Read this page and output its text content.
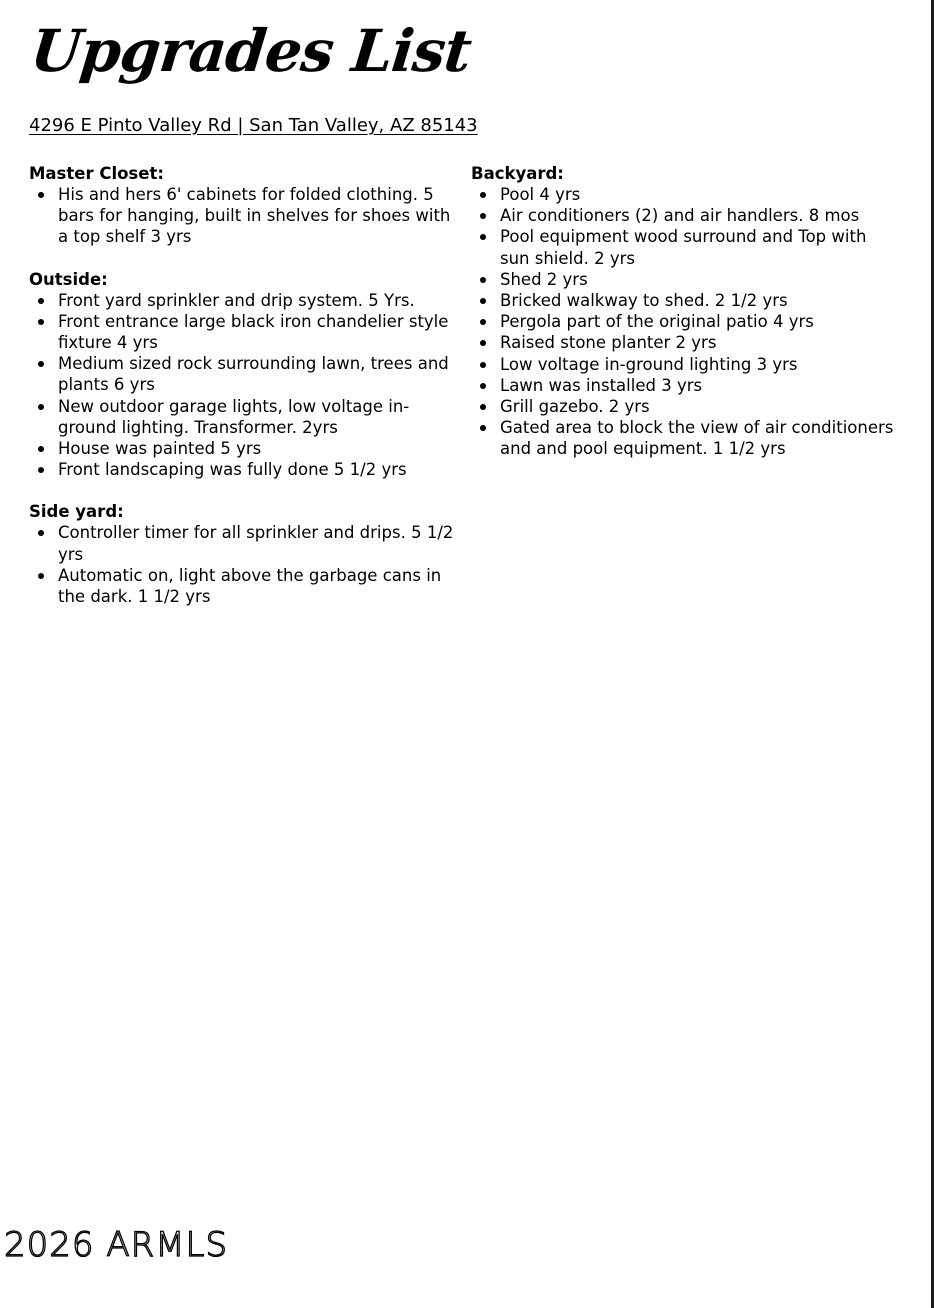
Upgrades List
4296 E Pinto Valley Rd | San Tan Valley, AZ 85143
Master Closet:
His and hers 6' cabinets for folded clothing. 5 bars for hanging, built in shelves for shoes with a top shelf 3 yrs
Outside:
Front yard sprinkler and drip system. 5 Yrs.
Front entrance large black iron chandelier style fixture 4 yrs
Medium sized rock surrounding lawn, trees and plants 6 yrs
New outdoor garage lights, low voltage in-ground lighting. Transformer. 2yrs
House was painted 5 yrs
Front landscaping was fully done 5 1/2 yrs
Side yard:
Controller timer for all sprinkler and drips. 5 1/2 yrs
Automatic on, light above the garbage cans in the dark. 1 1/2 yrs
Backyard:
Pool 4 yrs
Air conditioners (2) and air handlers. 8 mos
Pool equipment wood surround and Top with sun shield. 2 yrs
Shed 2 yrs
Bricked walkway to shed. 2 1/2 yrs
Pergola part of the original patio 4 yrs
Raised stone planter 2 yrs
Low voltage in-ground lighting 3 yrs
Lawn was installed 3 yrs
Grill gazebo. 2 yrs
Gated area to block the view of air conditioners and and pool equipment. 1 1/2 yrs
2026 ARMLS
